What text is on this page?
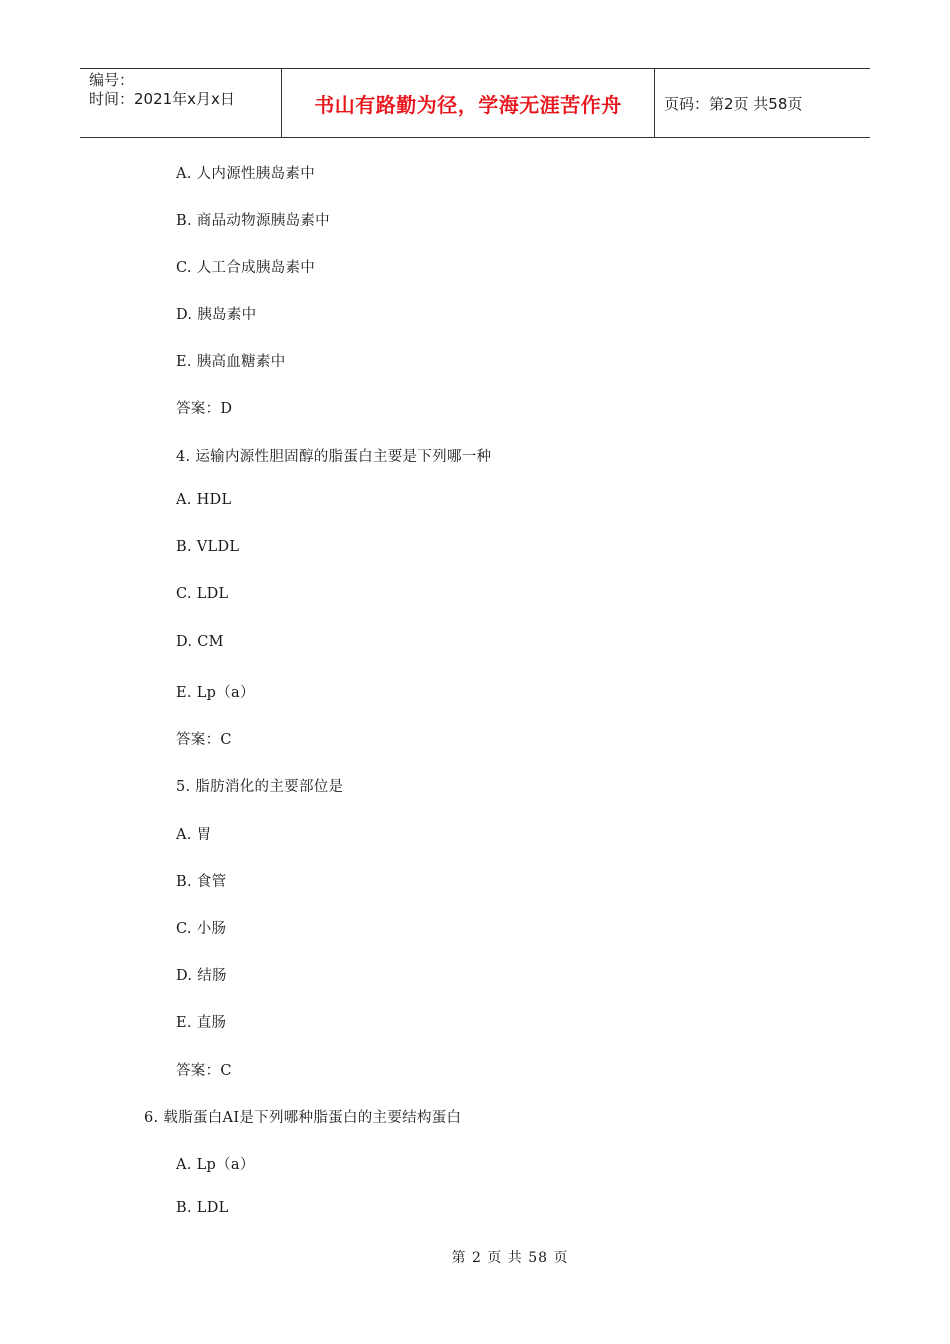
编号：
时间：2021年x月x日	书山有路勤为径，学海无涯苦作舟	页码：第2页 共58页
A. 人内源性胰岛素中
B. 商品动物源胰岛素中
C. 人工合成胰岛素中
D. 胰岛素中
E. 胰高血糖素中
答案：D
4. 运输内源性胆固醇的脂蛋白主要是下列哪一种
A. HDL
B. VLDL
C. LDL
D. CM
E. Lp（a）
答案：C
5. 脂肪消化的主要部位是
A. 胃
B. 食管
C. 小肠
D. 结肠
E. 直肠
答案：C
6. 载脂蛋白AI是下列哪种脂蛋白的主要结构蛋白
A. Lp（a）
B. LDL
第 2 页 共 58 页
